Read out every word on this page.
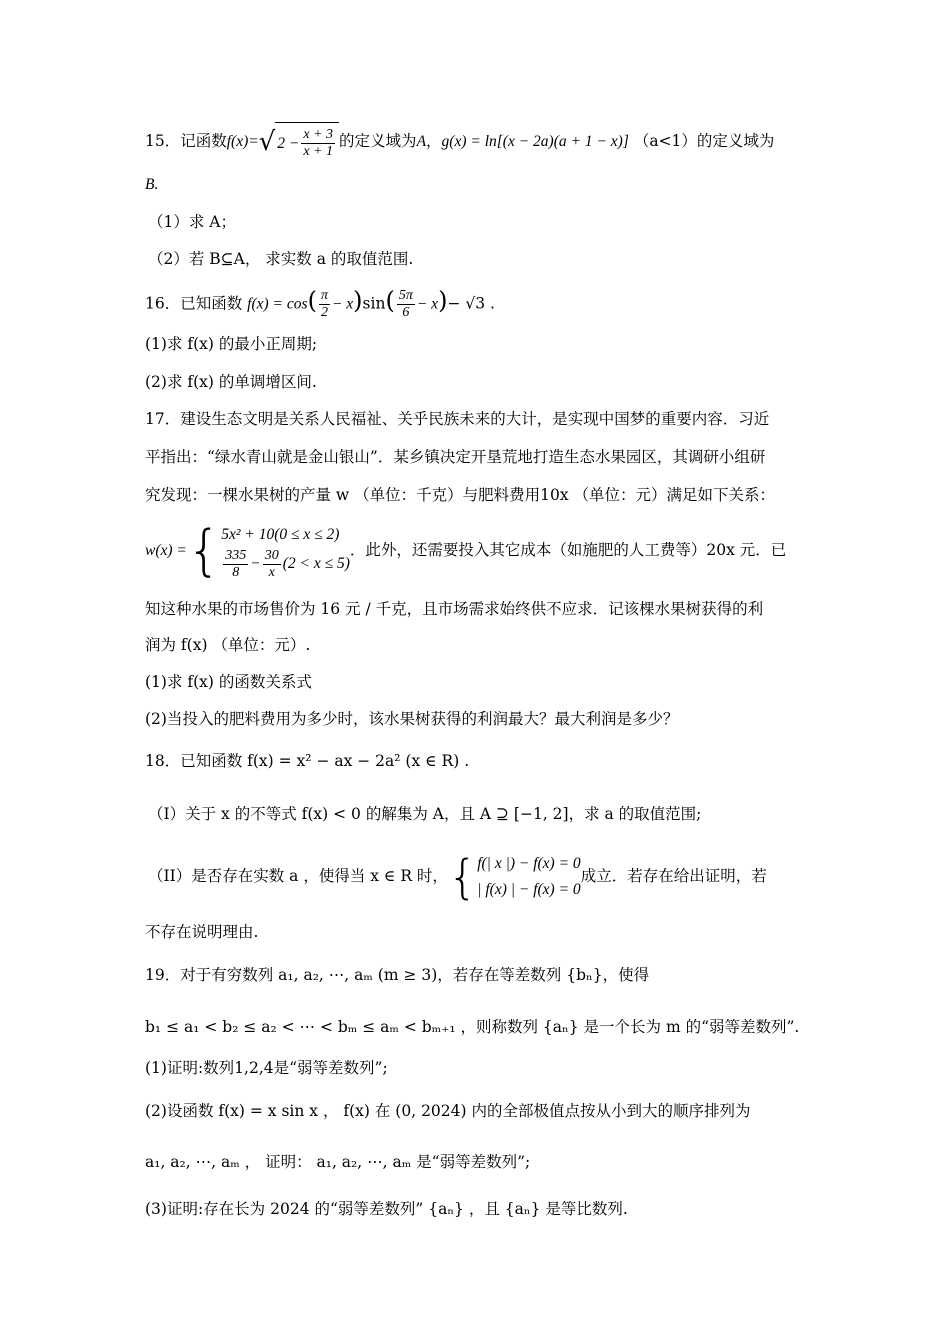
15．记函数f(x)= √ $2 - \frac{x + 3}{x + 1}$ 的定义域为A，g(x) = ln[(x − 2a)(a + 1 − x)] （a<1）的定义域为
B.
（1）求 A；
（2）若 B⊆A， 求实数 a 的取值范围.
16．已知函数 $f(x) = \cos( \frac{\pi}{2} - x)\sin( \frac{5\pi}{6} - x)- √3$ .
(1)求 f(x) 的最小正周期;
(2)求 f(x) 的单调增区间.
17．建设生态文明是关系人民福祉、关乎民族未来的大计，是实现中国梦的重要内容．习近
平指出：“绿水青山就是金山银山”．某乡镇决定开垦荒地打造生态水果园区，其调研小组研
究发现：一棵水果树的产量 w （单位：千克）与肥料费用10x （单位：元）满足如下关系：
w(x) ={ 5x² + 10(0 ≤ x ≤ 2)
$\frac{335}{8} - \frac{30}{x} (2 < x \le 5)$
．此外，还需要投入其它成本（如施肥的人工费等）20x 元．已
知这种水果的市场售价为 16 元 / 千克，且市场需求始终供不应求．记该棵水果树获得的利
润为 f(x) （单位：元）.
(1)求 f(x) 的函数关系式
(2)当投入的肥料费用为多少时，该水果树获得的利润最大？最大利润是多少？
18．已知函数 f(x) = x² − ax − 2a² (x ∈ R) .
（I）关于 x 的不等式 f(x) < 0 的解集为 A，且 A ⊇ [−1, 2]，求 a 的取值范围;
（II）是否存在实数 a ，使得当 x ∈ R 时，{ f(| x |) − f(x) = 0
| f(x) | − f(x) = 0
成立．若存在给出证明，若
不存在说明理由.
19．对于有穷数列 a₁, a₂, ⋯, aₘ (m ≥ 3)，若存在等差数列 {bₙ}，使得
b₁ ≤ a₁ < b₂ ≤ a₂ < ⋯ < bₘ ≤ aₘ < bₘ₊₁ ，则称数列 {aₙ} 是一个长为 m 的“弱等差数列”.
(1)证明:数列1,2,4是“弱等差数列”;
(2)设函数 f(x) = x sin x ， f(x) 在 (0, 2024) 内的全部极值点按从小到大的顺序排列为
a₁, a₂, ⋯, aₘ ， 证明： a₁, a₂, ⋯, aₘ 是“弱等差数列”;
(3)证明:存在长为 2024 的“弱等差数列” {aₙ} ，且 {aₙ} 是等比数列.
